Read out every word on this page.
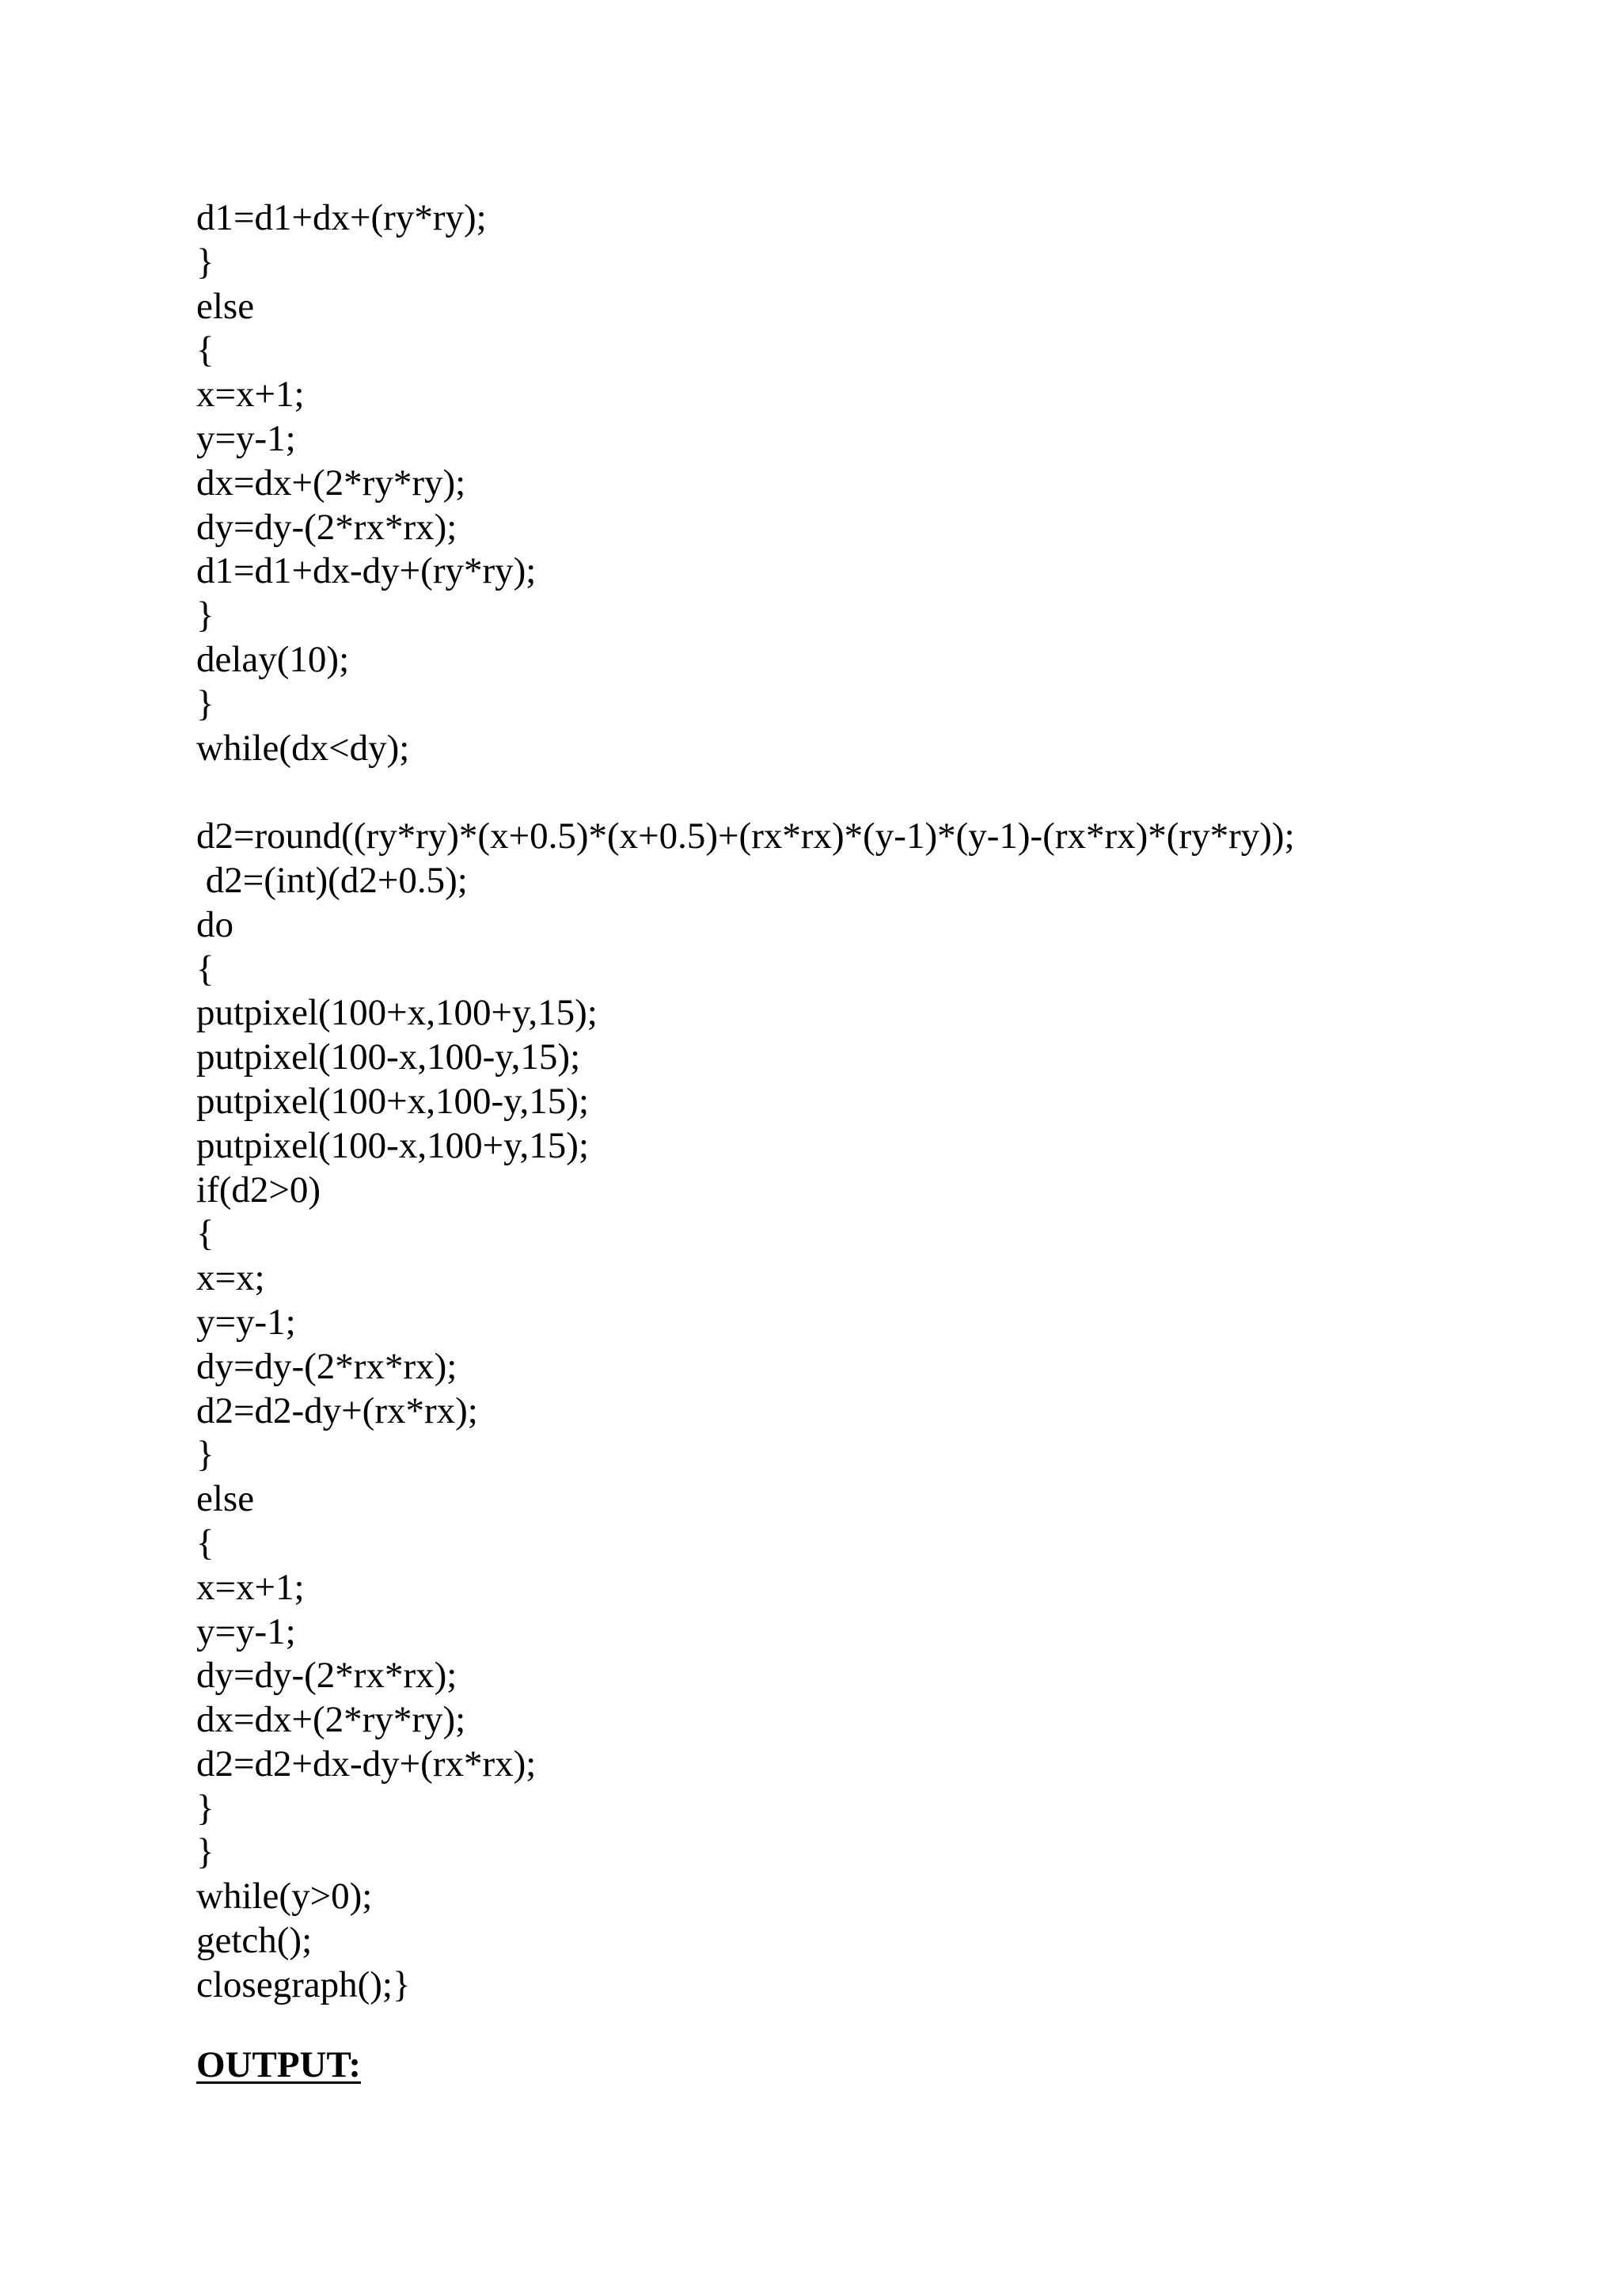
d1=d1+dx+(ry*ry);
}
else
{
x=x+1;
y=y-1;
dx=dx+(2*ry*ry);
dy=dy-(2*rx*rx);
d1=d1+dx-dy+(ry*ry);
}
delay(10);
}
while(dx<dy);
d2=round((ry*ry)*(x+0.5)*(x+0.5)+(rx*rx)*(y-1)*(y-1)-(rx*rx)*(ry*ry));
d2=(int)(d2+0.5);
do
{
putpixel(100+x,100+y,15);
putpixel(100-x,100-y,15);
putpixel(100+x,100-y,15);
putpixel(100-x,100+y,15);
if(d2>0)
{
x=x;
y=y-1;
dy=dy-(2*rx*rx);
d2=d2-dy+(rx*rx);
}
else
{
x=x+1;
y=y-1;
dy=dy-(2*rx*rx);
dx=dx+(2*ry*ry);
d2=d2+dx-dy+(rx*rx);
}
}
while(y>0);
getch();
closegraph();}
OUTPUT:
